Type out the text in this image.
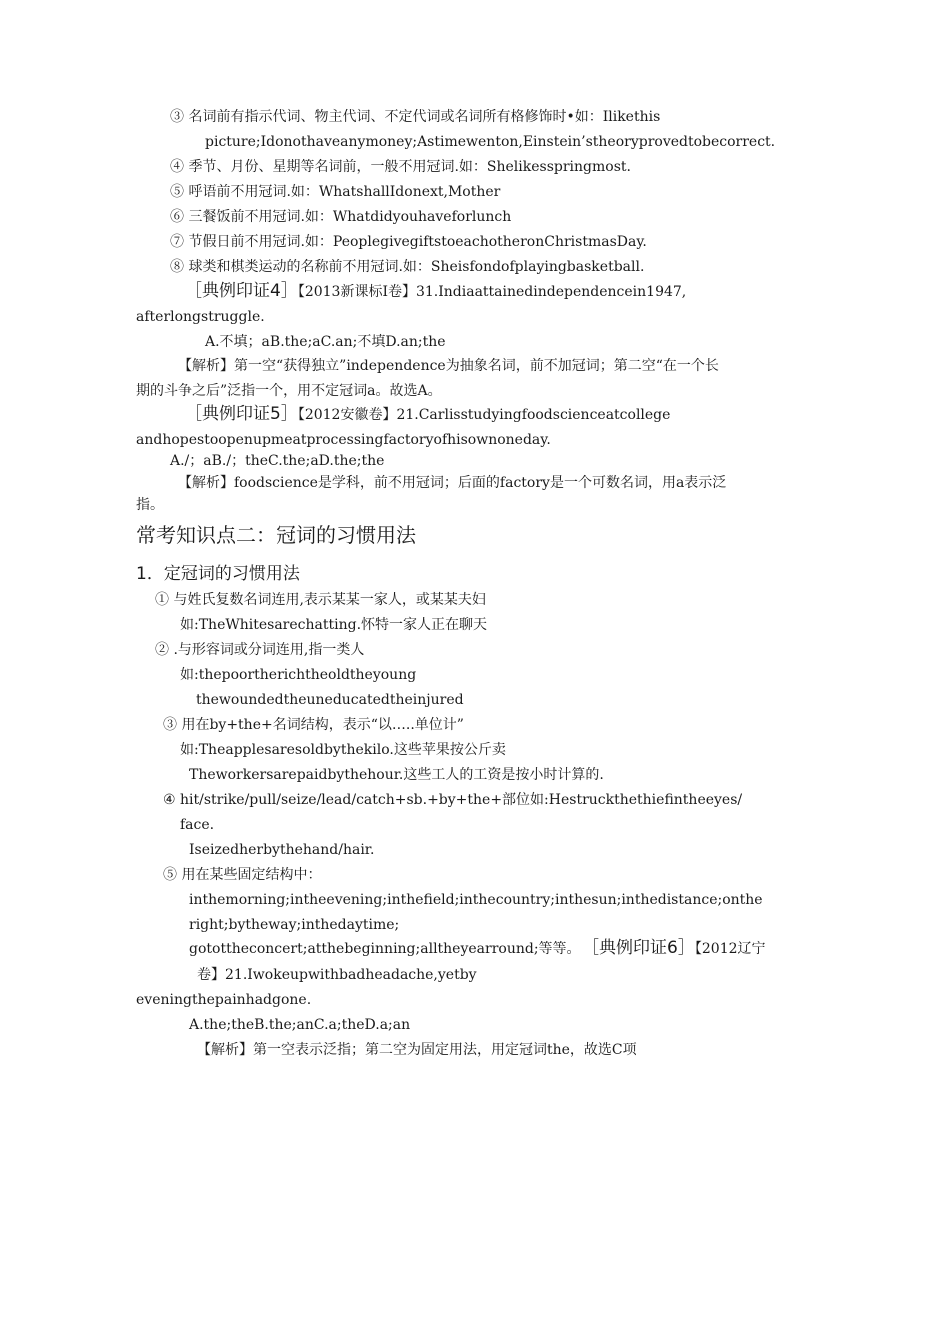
③ 名词前有指示代词、物主代词、不定代词或名词所有格修饰时•如：Ilikethis
picture;Idonothaveanymoney;Astimewenton,Einstein’stheoryprovedtobecorrect.
④ 季节、月份、星期等名词前，一般不用冠词.如：Shelikesspringmost.
⑤ 呼语前不用冠词.如：WhatshallIdonext,Mother
⑥ 三餐饭前不用冠词.如：Whatdidyouhaveforlunch
⑦ 节假日前不用冠词.如：PeoplegivegiftstoeachotheronChristmasDay.
⑧ 球类和棋类运动的名称前不用冠词.如：Sheisfondofplayingbasketball.
［典例印证4］【2013新课标Ⅰ卷】31.Indiaattainedindependencein1947,
afterlongstruggle.
A.不填；aB.the;aC.an;不填D.an;the
【解析】第一空“获得独立”independence为抽象名词，前不加冠词；第二空“在一个长
期的斗争之后”泛指一个，用不定冠词a。故选A。
［典例印证5］【2012安徽卷】21.Carlisstudyingfoodscienceatcollege
andhopestoopenupmeatprocessingfactoryofhisownoneday.
A./；aB./；theC.the;aD.the;the
【解析】foodscience是学科，前不用冠词；后面的factory是一个可数名词，用a表示泛
指。
常考知识点二：冠词的习惯用法
1．定冠词的习惯用法
① 与姓氏复数名词连用,表示某某一家人，或某某夫妇
如:TheWhitesarechatting.怀特一家人正在聊天
② .与形容词或分词连用,指一类人
如:thepoortherichtheoldtheyoung
thewoundedtheuneducatedtheinjured
③ 用在by+the+名词结构，表示“以…..单位计”
如:Theapplesaresoldbythekilo.这些苹果按公斤卖
Theworkersarepaidbythehour.这些工人的工资是按小时计算的.
④ hit/strike/pull/seize/lead/catch+sb.+by+the+部位如:Hestruckthethiefintheeyes/
face.
Iseizedherbythehand/hair.
⑤ 用在某些固定结构中：
inthemorning;intheevening;inthefield;inthecountry;inthesun;inthedistance;onthe
right;bytheway;inthedaytime;
gotottheconcert;atthebeginning;alltheyearround;等等。 ［典例印证6］【2012辽宁
卷】21.Iwokeupwithbadheadache,yetby
eveningthepainhadgone.
A.the;theB.the;anC.a;theD.a;an
【解析】第一空表示泛指；第二空为固定用法，用定冠词the，故选C项
